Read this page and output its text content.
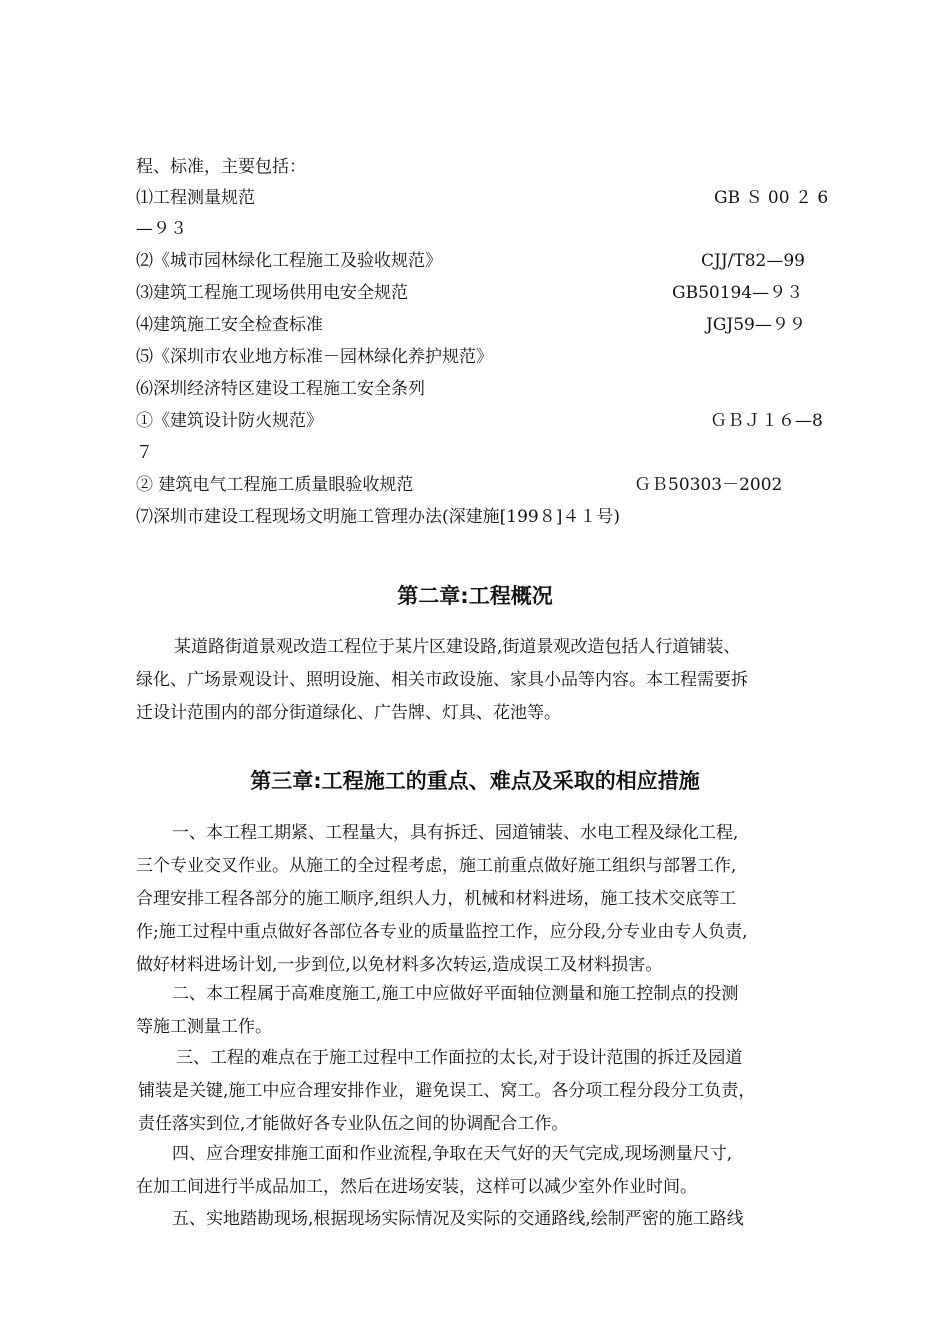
程、标准，主要包括：
⑴工程测量规范	GB Ｓ 00 ２ 6
—９３
⑵《城市园林绿化工程施工及验收规范》	CJJ/T82—99
⑶建筑工程施工现场供用电安全规范	GB50194—９３
⑷建筑施工安全检查标准	JGJ59—９９
⑸《深圳市农业地方标准－园林绿化养护规范》
⑹深圳经济特区建设工程施工安全条列
①《建筑设计防火规范》	ＧＢＪ１６—8
７
② 建筑电气工程施工质量眼验收规范	ＧＢ50303－2002
⑺深圳市建设工程现场文明施工管理办法(深建施[199８]４１号)
第二章:工程概况
某道路街道景观改造工程位于某片区建设路,街道景观改造包括人行道铺装、
绿化、广场景观设计、照明设施、相关市政设施、家具小品等内容。本工程需要拆
迁设计范围内的部分街道绿化、广告牌、灯具、花池等。
第三章:工程施工的重点、难点及采取的相应措施
一、本工程工期紧、工程量大，具有拆迁、园道铺装、水电工程及绿化工程,
三个专业交叉作业。从施工的全过程考虑，施工前重点做好施工组织与部署工作,
合理安排工程各部分的施工顺序,组织人力，机械和材料进场，施工技术交底等工
作;施工过程中重点做好各部位各专业的质量监控工作，应分段,分专业由专人负责,
做好材料进场计划,一步到位,以免材料多次转运,造成误工及材料损害。
二、本工程属于高难度施工,施工中应做好平面轴位测量和施工控制点的投测
等施工测量工作。
三、工程的难点在于施工过程中工作面拉的太长,对于设计范围的拆迁及园道
铺装是关键,施工中应合理安排作业，避免误工、窝工。各分项工程分段分工负责，
责任落实到位,才能做好各专业队伍之间的协调配合工作。
四、应合理安排施工面和作业流程,争取在天气好的天气完成,现场测量尺寸,
在加工间进行半成品加工，然后在进场安装，这样可以减少室外作业时间。
五、实地踏勘现场,根据现场实际情况及实际的交通路线,绘制严密的施工路线
